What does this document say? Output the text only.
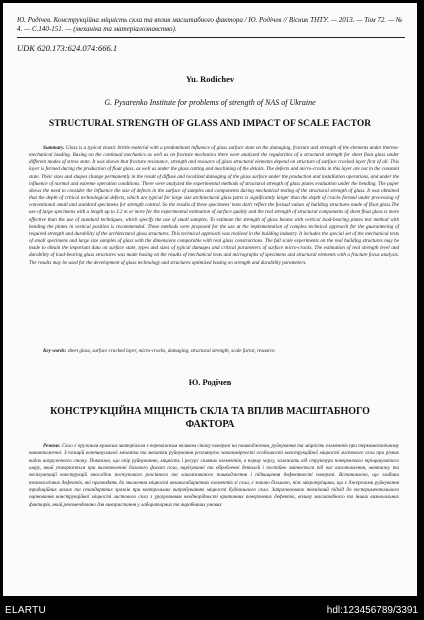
Ю. Родічев. Конструкційна міцність скла та вплив масштабного фактора / Ю. Родічев // Вісник ТНТУ. — 2013. — Том 72. — № 4. — С.140-151. — (механіка та матеріалознавство).
UDK 620.173:624.074:666.1
Yu. Rodichev
G. Pysarenko Institute for problems of strength of NAS of Ukraine
STRUCTURAL STRENGTH OF GLASS AND IMPACT OF SCALE FACTOR
Summary. Glass is a typical elastic brittle material with a predominant influence of glass surface state on the damaging, fracture and strength of the elements under thermo-mechanical loading. Basing on the continual mechanics as well as on fracture mechanics there were analyzed the regularities of a structural strength for sheet float glass under different modes of stress state. It was shown that fracture resistance, strength and resource of glass structural elements depend on structure of surface cracked layer first of all. This layer is formed during the production of float glass, as well as under the glass cutting and machining of the details. The defects and micro-cracks in this layer are not in the constant state. Their sizes and shapes change permanently in the result of diffuse and localized damaging of the glass surface under the production and installation operations, and under the influence of normal and extreme operation conditions. There were analyzed the experimental methods of structural strength of glass plates evaluation under the bending. The paper shows the need to consider the influence the size of defects in the surface of samples and components during mechanical testing of the structural strength of glass. It was obtained that the depth of critical technological defects, which are typical for large size architectural glass parts is significantly larger than the depth of cracks formed under processing of conventional small and standard specimens for strength control. So the results of these specimens' tests don't reflect the factual values of building structures made of float glass.The use of large specimens with a length up to 3.2 m or more for the experimental estimation of surface quality and the real strength of structural components of sheet float glass is more effective than the use of standard techniques, which specify the use of small samples. To estimate the strength of glass beams with vertical load-bearing plates test method with bending the plates in vertical position is recommended. These methods were proposed for the use at the implementation of complex technical approach for the guaranteeing of required strength and durability of the architectural glass structures. This technical approach was realized in the building industry. It includes the special set of the mechanical tests of small specimens and large size samples of glass with the dimensions comparable with real glass constructions. The full scale experiments on the real building structures may be made to obtain the important data on surface state, types and sizes of typical damages and critical parameters of surface micro-cracks. The estimation of real strength level and durability of load-bearing glass structures was made basing on the results of mechanical tests and micrographs of specimens and structural elements with a fracture focus analysis. The results may be used for the development of glass technology and structures optimized basing on strength and durability parameters.
Key words: sheet glass, surface cracked layer, micro-cracks, damaging, structural strength, scale factor, resource.
Ю. Родічев
КОНСТРУКЦІЙНА МІЦНІСТЬ СКЛА ТА ВПЛИВ МАСШТАБНОГО ФАКТОРА
Резюме. Скло є пружним крихким матеріалом з переважним впливом стану поверхні на пошкодження, руйнування та міцність елементів при термомеханічному навантаженні. З позицій континуальної механіки та механіки руйнування розглянуто закономірності особливості конструкційної міцності листового скла при різних видах напруженого стану. Показано, що опір руйнуванню, міцність і ресурс скляних елементів, в першу чергу, залежать від структури поверхневого тріщинуватого шару, який утворюється при виготовленні базового флоат скла, нарізуванні та обробленні деталей і постійно змінюється під час виготовлення, монтажу та експлуатації конструкцій внаслідок поступового розсіяного та локалізованого пошкодження і підвищення дефектності поверхні. Встановлено, що глибина технологічних дефектів, які призводять до зниження міцності великогабаритних елементів зі скла, є значно більшою, ніж мікротріщини, що є джерелами руйнування традиційних малих та стандартних зразків при контрольних випробуваннях міцності будівельного скла. Запропоновано технічний підхід до експериментального оцінювання конструкційної міцності листового скла з урахуванням неоднорідності критичних поверхневих дефектів, впливу масштабного та інших визначальних факторів, який рекомендовано для використання у лабораторних та виробничих умовах
ELARTU	hdl:123456789/3391
